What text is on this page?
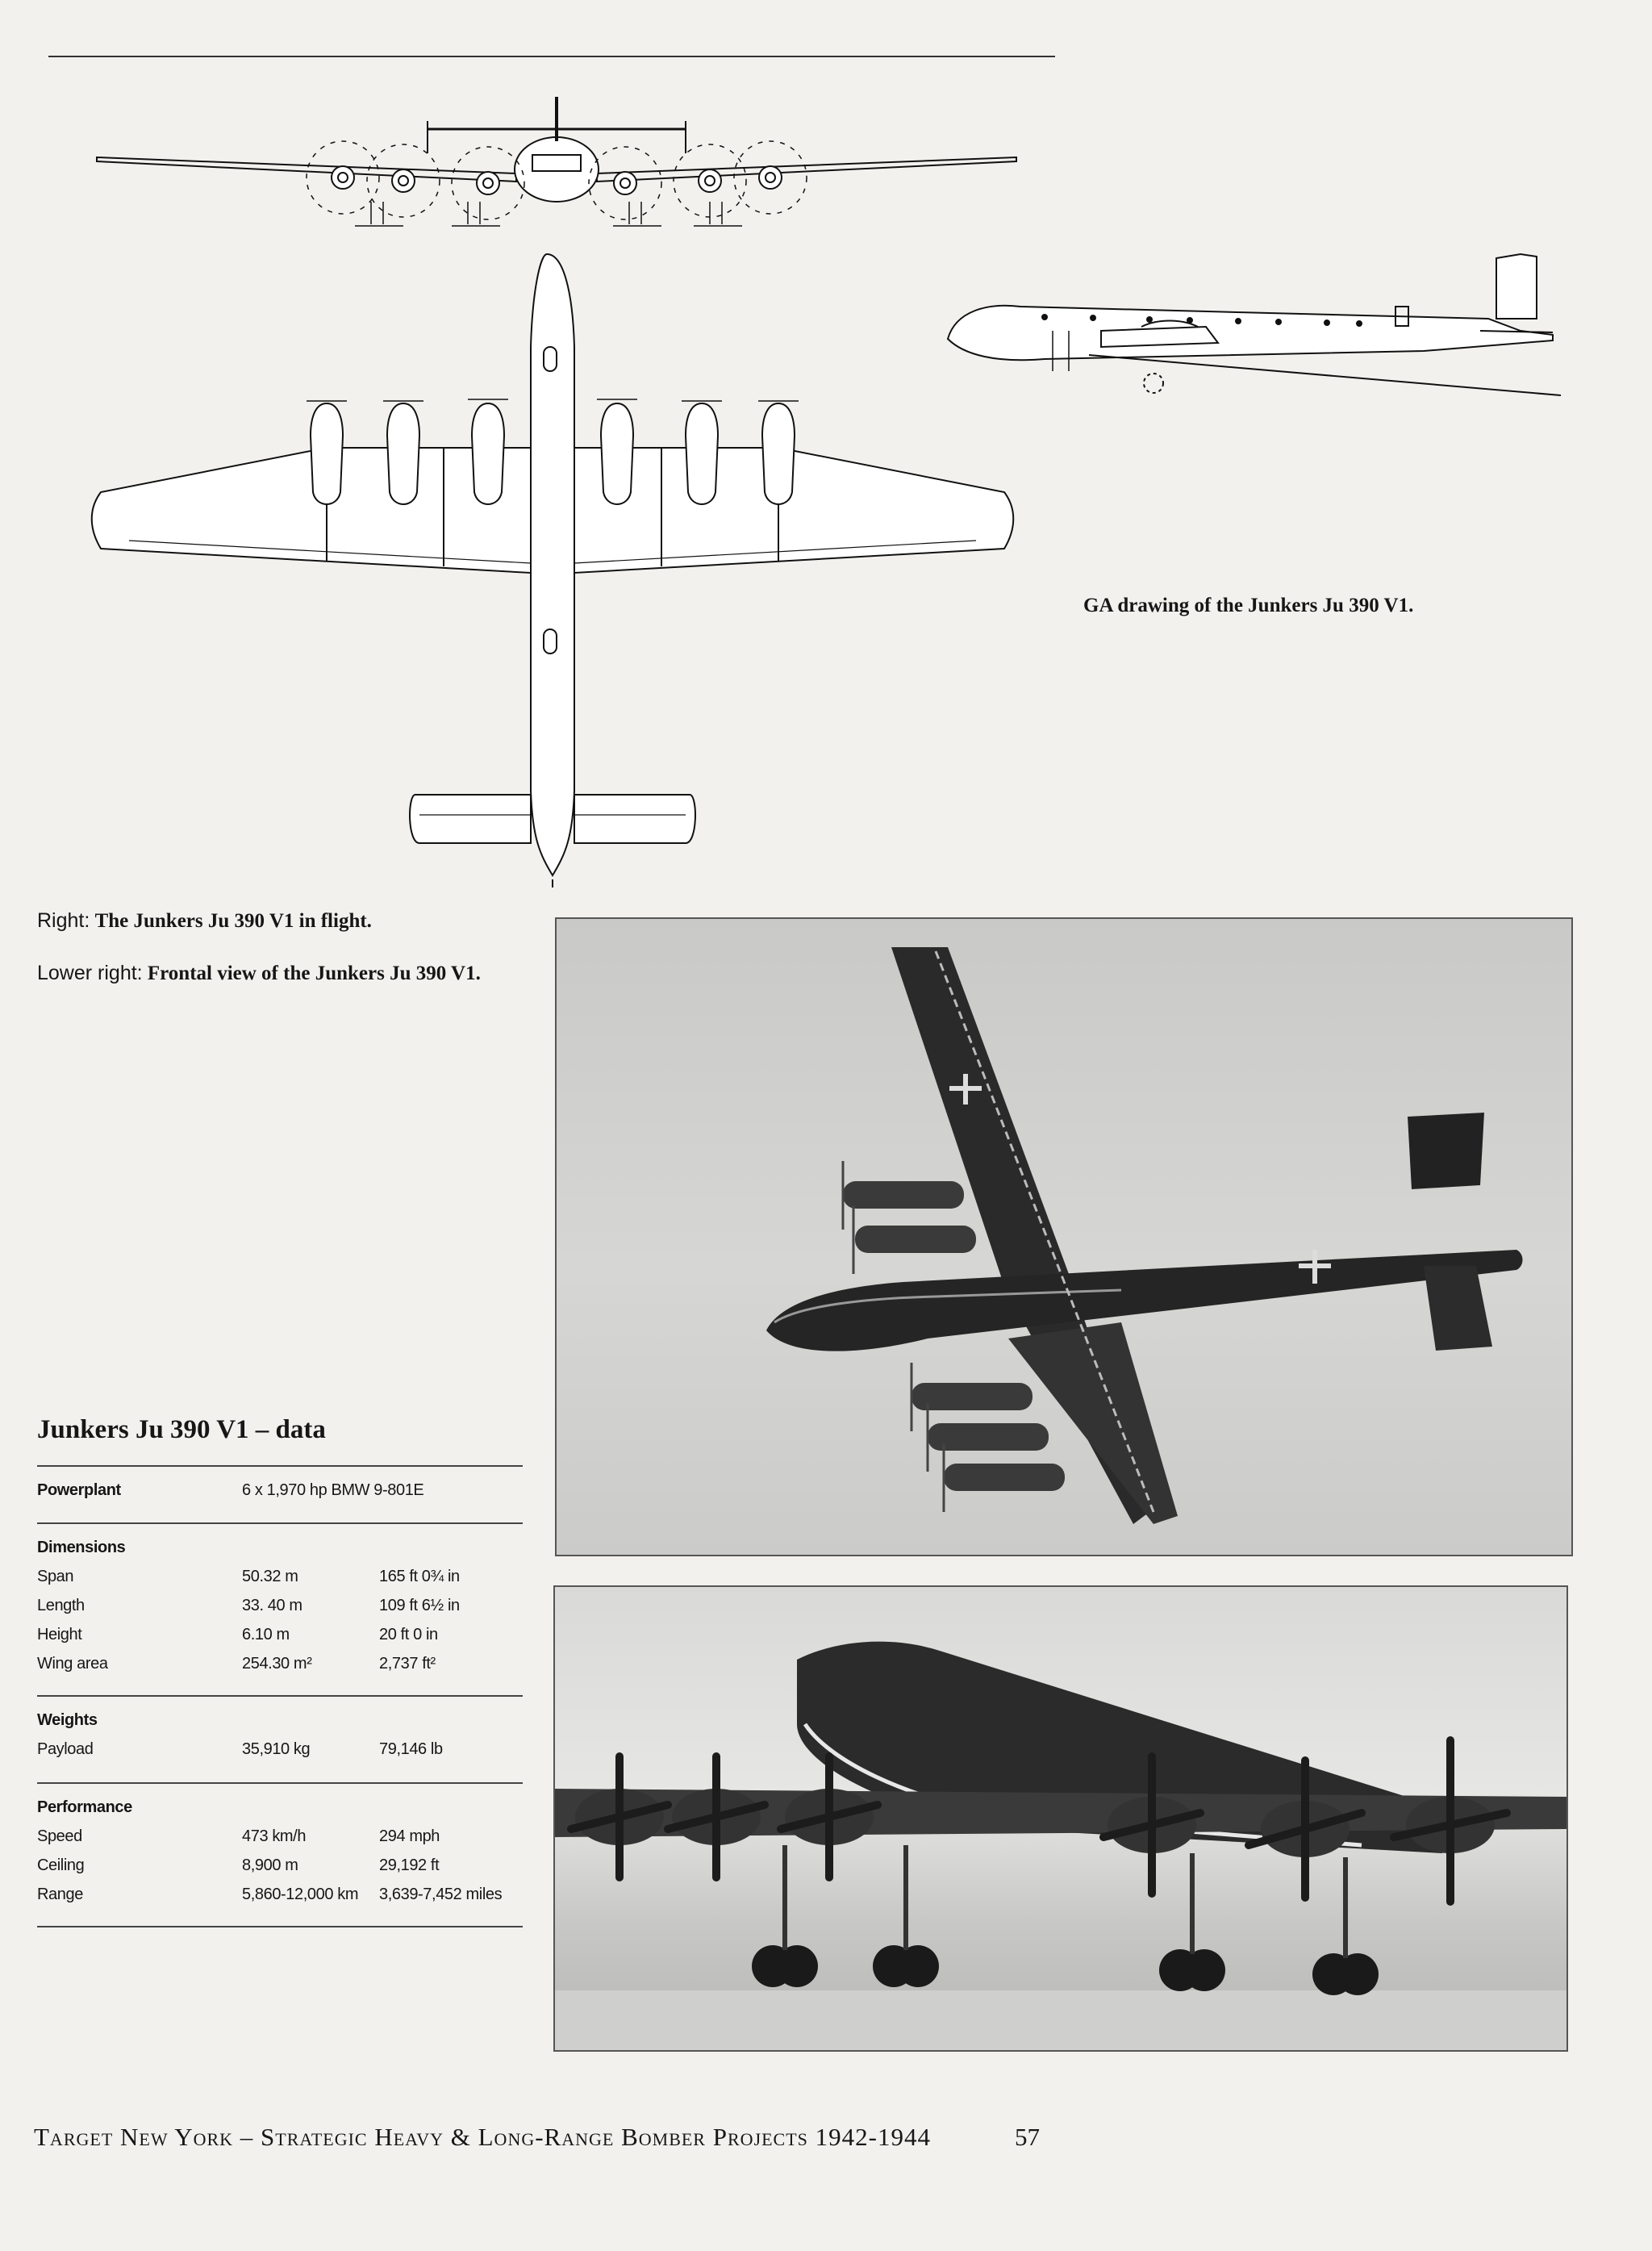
GA drawing of the Junkers Ju 390 V1.
Right: The Junkers Ju 390 V1 in flight.
Lower right: Frontal view of the Junkers Ju 390 V1.
Junkers Ju 390 V1 – data
Powerplant	6 x 1,970 hp BMW 9-801E
Dimensions
Span	50.32 m	165 ft 0¾ in
Length	33. 40 m	109 ft 6½ in
Height	6.10 m	20 ft 0 in
Wing area	254.30 m²	2,737 ft²
Weights
Payload	35,910 kg	79,146 lb
Performance
Speed	473 km/h	294 mph
Ceiling	8,900 m	29,192 ft
Range	5,860-12,000 km 3,639-7,452 miles
Target New York – Strategic Heavy & Long-Range Bomber Projects 1942-1944	57
